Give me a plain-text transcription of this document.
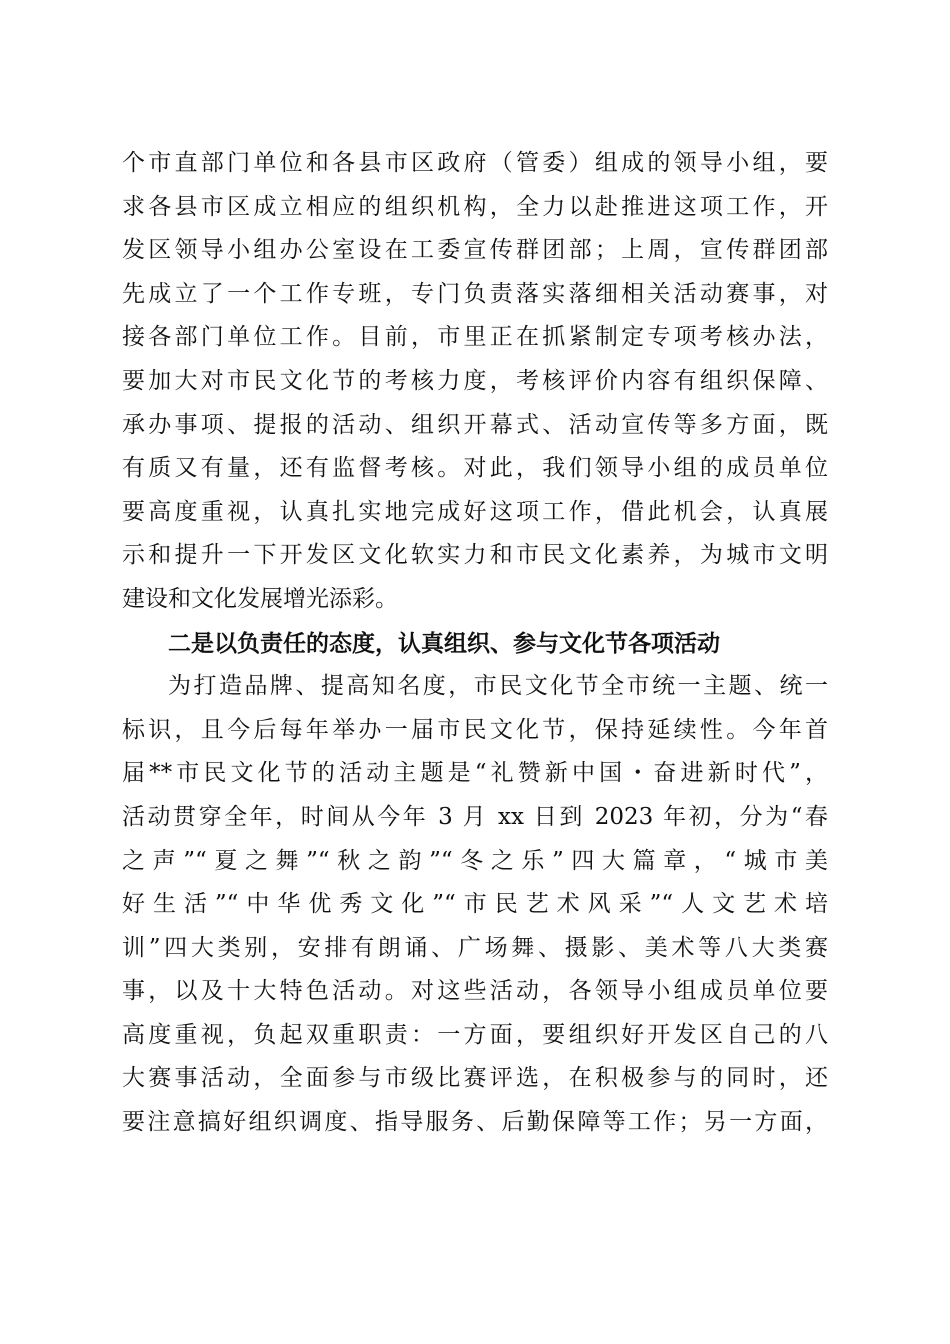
个市直部门单位和各县市区政府（管委）组成的领导小组，要
求各县市区成立相应的组织机构，全力以赴推进这项工作，开
发区领导小组办公室设在工委宣传群团部；上周，宣传群团部
先成立了一个工作专班，专门负责落实落细相关活动赛事，对
接各部门单位工作。目前，市里正在抓紧制定专项考核办法，
要加大对市民文化节的考核力度，考核评价内容有组织保障、
承办事项、提报的活动、组织开幕式、活动宣传等多方面，既
有质又有量，还有监督考核。对此，我们领导小组的成员单位
要高度重视，认真扎实地完成好这项工作，借此机会，认真展
示和提升一下开发区文化软实力和市民文化素养，为城市文明
建设和文化发展增光添彩。
二是以负责任的态度，认真组织、参与文化节各项活动
为打造品牌、提高知名度，市民文化节全市统一主题、统一
标识，且今后每年举办一届市民文化节，保持延续性。今年首
届**市民文化节的活动主题是“礼赞新中国・奋进新时代”，
活动贯穿全年，时间从今年 3 月 xx 日到 2023 年初，分为“春
之声”“夏之舞”“秋之韵”“冬之乐”四大篇章，“城市美
好生活”“中华优秀文化”“市民艺术风采”“人文艺术培
训”四大类别，安排有朗诵、广场舞、摄影、美术等八大类赛
事，以及十大特色活动。对这些活动，各领导小组成员单位要
高度重视，负起双重职责：一方面，要组织好开发区自己的八
大赛事活动，全面参与市级比赛评选，在积极参与的同时，还
要注意搞好组织调度、指导服务、后勤保障等工作；另一方面，
